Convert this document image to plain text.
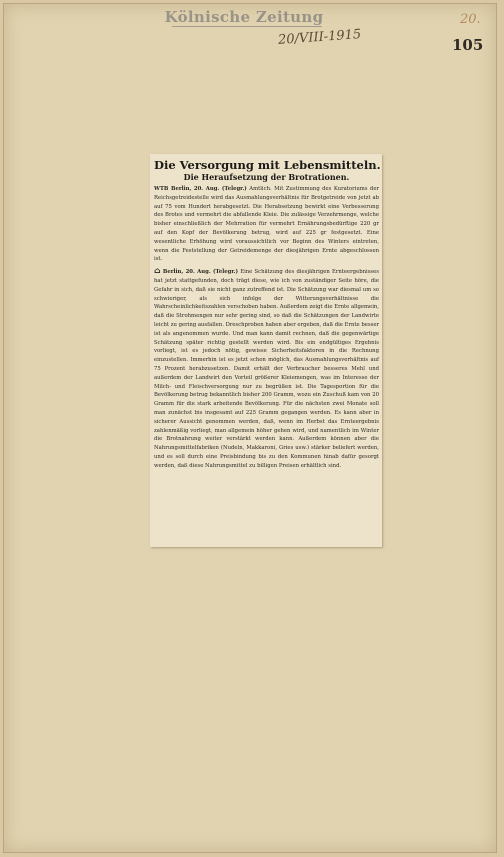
Kölnische Zeitung
20/VIII-1915
20.
105
Die Versorgung mit Lebensmitteln.
Die Heraufsetzung der Brotrationen.

WTB Berlin, 20. Aug. (Telegr.) Amtlich. Mit Zustimmung des Kuratoriums der Reichsgetreidestelle wird das Ausmahlungsverhältnis für Brotgetreide von jetzt ab auf 75 vom Hundert herabgesetzt. Die Herabsetzung bewirkt eine Verbesserung des Brotes und vermehrt die abfallende Kleie. Die zulässige Verzehrmenge, welche bisher einschließlich der Mehrration für vermehrt Ernährungsbedürftige 220 gr auf den Kopf der Bevölkerung betrug, wird auf 225 gr festgesetzt. Eine wesentliche Erhöhung wird voraussichtlich vor Beginn des Winters eintreten, wenn die Feststellung der Getreidemenge der diesjährigen Ernte abgeschlossen ist.

⌂ Berlin, 20. Aug. (Telegr.) Eine Schätzung des diesjährigen Ernteergebnisses hat jetzt stattgefunden, doch trägt diese, wie ich von zuständiger Seite höre, die Gefahr in sich, daß sie nicht ganz zutreffend ist. Die Schätzung war diesmal um so schwieriger, als sich infolge der Witterungsverhältnisse die Wahrscheinlichkeitszahlen verschoben haben. Außerdem zeigt die Ernte allgemein, daß die Strohmengen nur sehr gering sind, so daß die Schätzungen der Landwirte leicht zu gering ausfallen. Dreschproben haben aber ergeben, daß die Ernte besser ist als angenommen wurde. Und man kann damit rechnen, daß die gegenwärtige Schätzung später richtig gestellt werden wird. Bis ein endgültiges Ergebnis vorliegt, ist es jedoch nötig, gewisse Sicherheitsfaktoren in die Rechnung einzustellen. Immerhin ist es jetzt schon möglich, das Ausmahlungsverhältnis auf 75 Prozent herabzusetzen. Damit erhält der Verbraucher besseres Mehl und außerdem der Landwirt den Vorteil größerer Kleiemengen, was im Interesse der Milch- und Fleischversorgung nur zu begrüßen ist. Die Tagesportion für die Bevölkerung betrug bekanntlich bisher 200 Gramm, wozu ein Zuschuß kam von 20 Gramm für die stark arbeitende Bevölkerung. Für die nächsten zwei Monate soll man zunächst bis insgesamt auf 225 Gramm gegangen werden. Es kann aber in sicherer Aussicht genommen werden, daß, wenn im Herbst das Ernteergebnis zahlenmäßig vorliegt, man allgemein höher gehen wird, und namentlich im Winter die Brotnahrung weiter verstärkt werden kann. Außerdem können aber die Nahrungsmittelfabriken (Nudeln, Makkaroni, Gries usw.) stärker beliefert werden, und es soll durch eine Preisbindung bis zu den Kommunen hinab dafür gesorgt werden, daß diese Nahrungsmittel zu billigen Preisen erhältlich sind.
